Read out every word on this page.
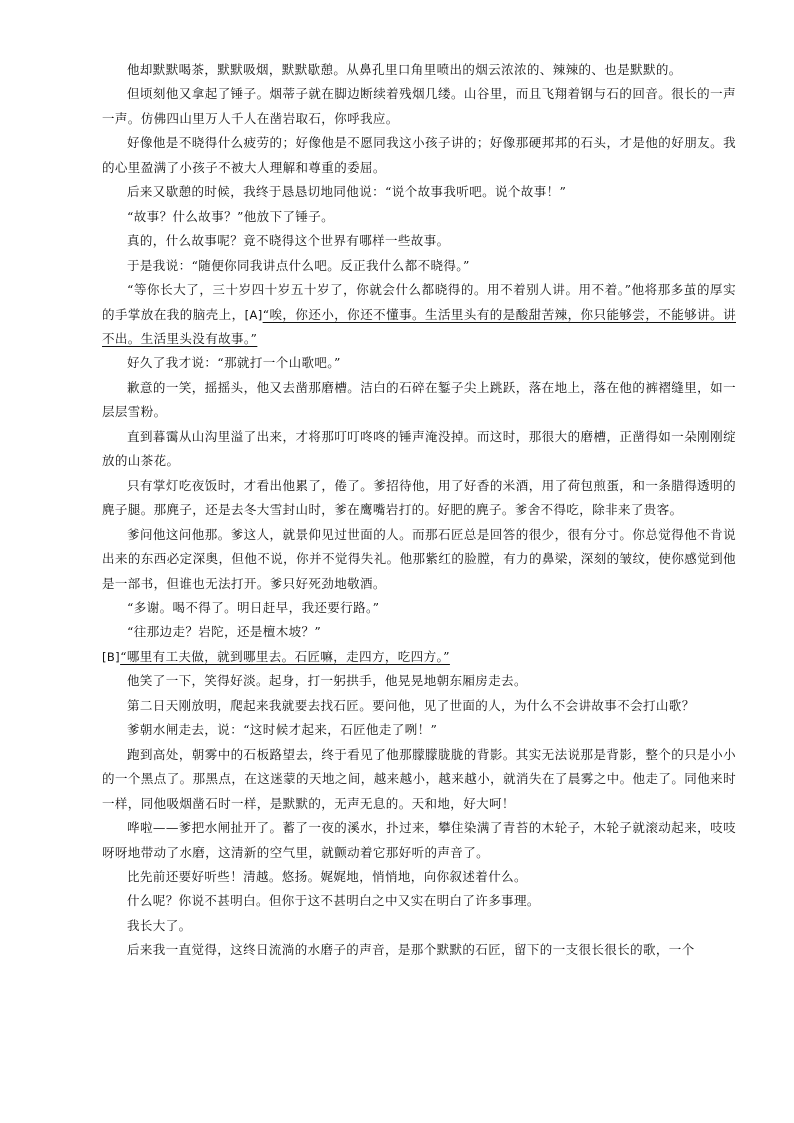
他却默默喝茶，默默吸烟，默默歇憩。从鼻孔里口角里喷出的烟云浓浓的、辣辣的、也是默默的。

但顷刻他又拿起了锤子。烟蒂子就在脚边断续着残烟几缕。山谷里，而且飞翔着钢与石的回音。很长的一声一声。仿佛四山里万人千人在凿岩取石，你呼我应。

好像他是不晓得什么疲劳的；好像他是不愿同我这小孩子讲的；好像那硬邦邦的石头，才是他的好朋友。我的心里盈满了小孩子不被大人理解和尊重的委屈。

后来又歇憩的时候，我终于恳恳切地同他说：“说个故事我听吧。说个故事！”

“故事？什么故事？”他放下了锤子。

真的，什么故事呢？竟不晓得这个世界有哪样一些故事。

于是我说：“随便你同我讲点什么吧。反正我什么都不晓得。”

“等你长大了，三十岁四十岁五十岁了，你就会什么都晓得的。用不着别人讲。用不着。”他将那多茧的厚实的手掌放在我的脑壳上，[A]“唉，你还小，你还不懂事。生活里头有的是酸甜苦辣，你只能够尝，不能够讲。讲不出。生活里头没有故事。”

好久了我才说：“那就打一个山歌吧。”

歉意的一笑，摇摇头，他又去凿那磨槽。洁白的石碎在錾子尖上跳跃，落在地上，落在他的裤褶缝里，如一层层雪粉。

直到暮霭从山沟里溢了出来，才将那叮叮咚咚的锤声淹没掉。而这时，那很大的磨槽，正凿得如一朵刚刚绽放的山茶花。

只有掌灯吃夜饭时，才看出他累了，倦了。爹招待他，用了好香的米酒，用了荷包煎蛋，和一条腊得透明的麂子腿。那麂子，还是去冬大雪封山时，爹在鹰嘴岩打的。好肥的麂子。爹舍不得吃，除非来了贵客。

爹问他这问他那。爹这人，就景仰见过世面的人。而那石匠总是回答的很少，很有分寸。你总觉得他不肯说出来的东西必定深奥，但他不说，你并不觉得失礼。他那紫红的脸膛，有力的鼻梁，深刻的皱纹，使你感觉到他是一部书，但谁也无法打开。爹只好死劲地敬酒。

“多谢。喝不得了。明日赶早，我还要行路。”

“往那边走？岩陀，还是檀木坡？”

[B]“哪里有工夫做，就到哪里去。石匠嘛，走四方，吃四方。”

他笑了一下，笑得好淡。起身，打一躬拱手，他晃晃地朝东厢房走去。

第二日天刚放明，爬起来我就要去找石匠。要问他，见了世面的人，为什么不会讲故事不会打山歌？

爹朝水闸走去，说：“这时候才起来，石匠他走了咧！”

跑到高处，朝雾中的石板路望去，终于看见了他那朦朦胧胧的背影。其实无法说那是背影，整个的只是小小的一个黑点了。那黑点，在这迷蒙的天地之间，越来越小，越来越小，就消失在了晨雾之中。他走了。同他来时一样，同他吸烟凿石时一样，是默默的，无声无息的。天和地，好大呵！

哗啦——爹把水闸扯开了。蓄了一夜的溪水，扑过来，攀住染满了青苔的木轮子，木轮子就滚动起来，吱吱呀呀地带动了水磨，这清新的空气里，就颤动着它那好听的声音了。

比先前还要好听些！清越。悠扬。娓娓地，悄悄地，向你叙述着什么。

什么呢？你说不甚明白。但你于这不甚明白之中又实在明白了许多事理。

我长大了。

后来我一直觉得，这终日流淌的水磨子的声音，是那个默默的石匠，留下的一支很长很长的歌，一个
